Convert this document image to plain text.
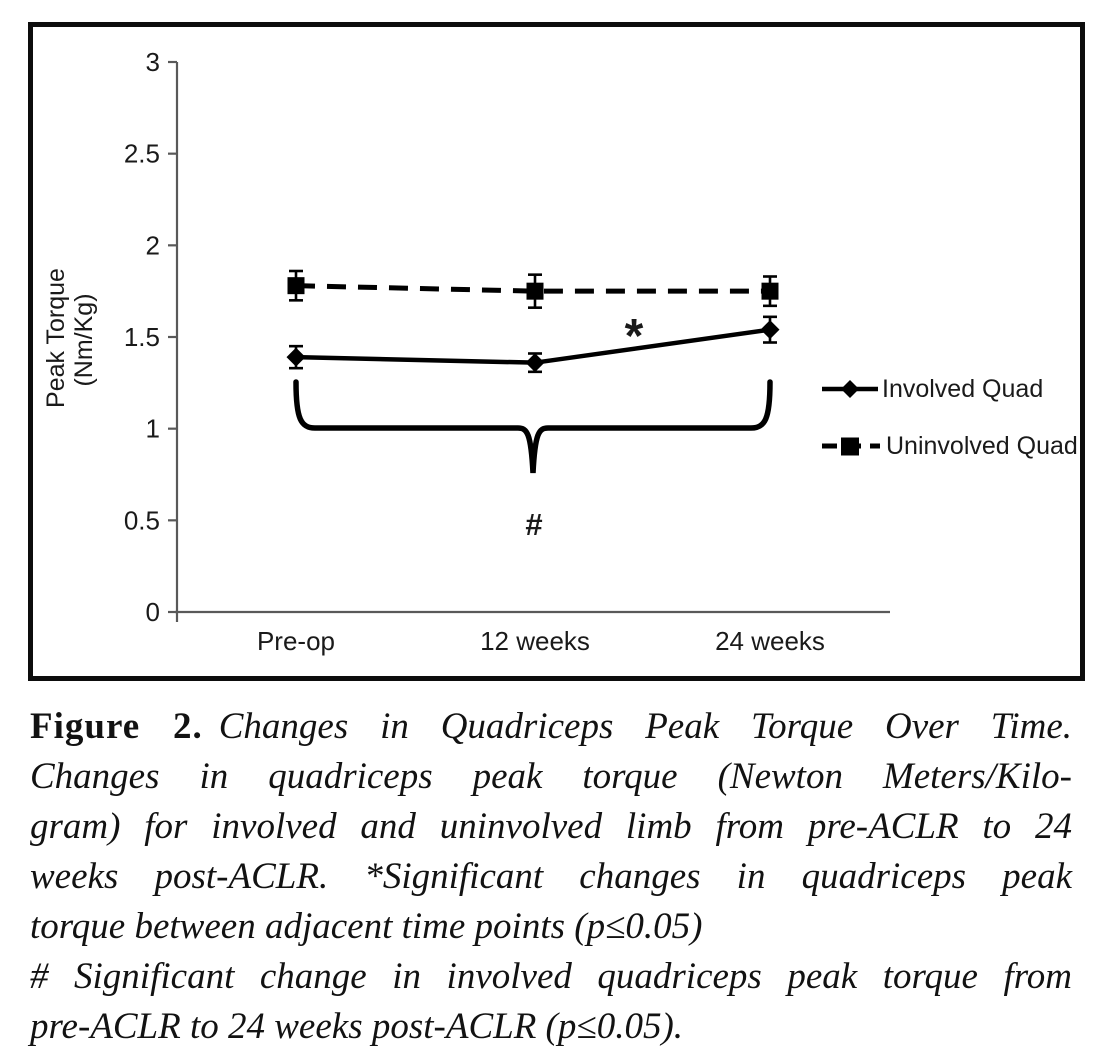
0
0.5
1
1.5
2
2.5
3
Pre-op	12 weeks	24 weeks
Peak Torque (Nm/Kg)	*
#
Involved Quad
Uninvolved Quad
Figure 2. Changes in Quadriceps Peak Torque Over Time.
Changes in quadriceps peak torque (Newton Meters/Kilo-
gram) for involved and uninvolved limb from pre-ACLR to 24
weeks post-ACLR. *Significant changes in quadriceps peak
torque between adjacent time points (p≤0.05)
# Significant change in involved quadriceps peak torque from
pre-ACLR to 24 weeks post-ACLR (p≤0.05).
